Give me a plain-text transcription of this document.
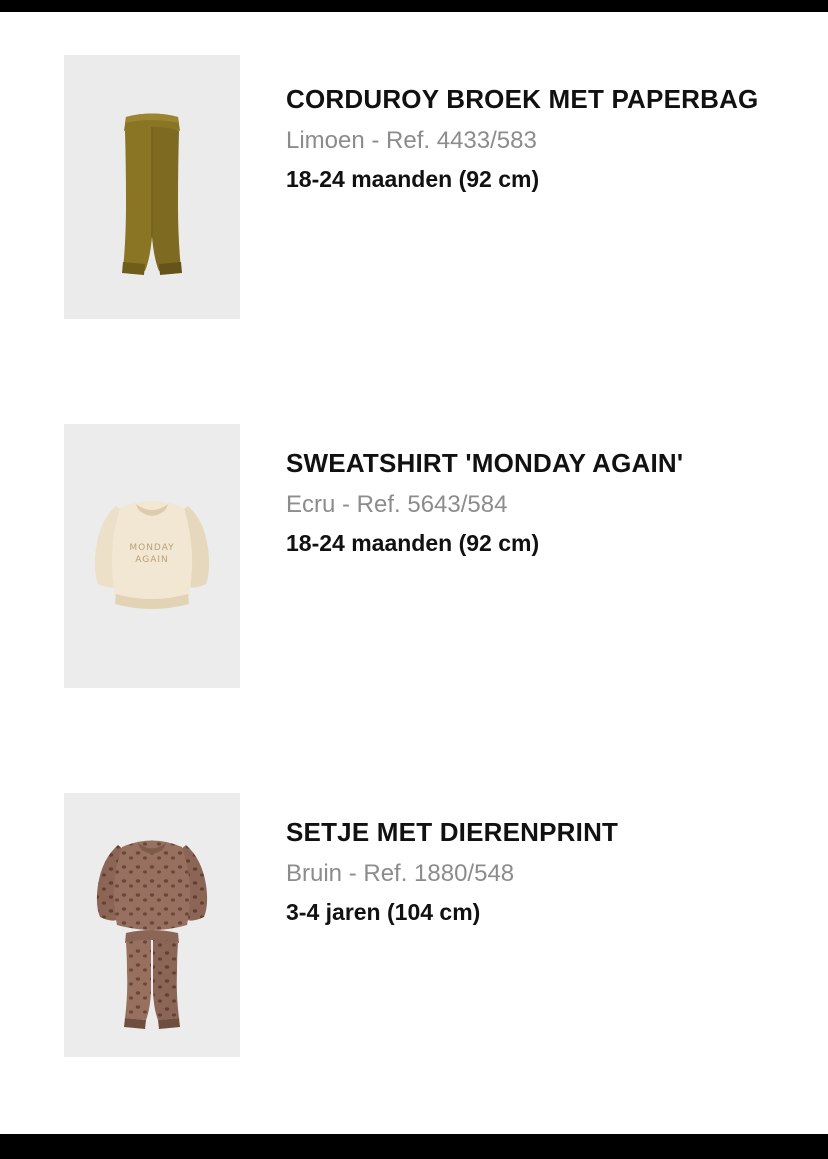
CORDUROY BROEK MET PAPERBAG
Limoen - Ref. 4433/583
18-24 maanden (92 cm)
MONDAY
AGAIN
SWEATSHIRT 'MONDAY AGAIN'
Ecru - Ref. 5643/584
18-24 maanden (92 cm)
SETJE MET DIERENPRINT
Bruin - Ref. 1880/548
3-4 jaren (104 cm)
